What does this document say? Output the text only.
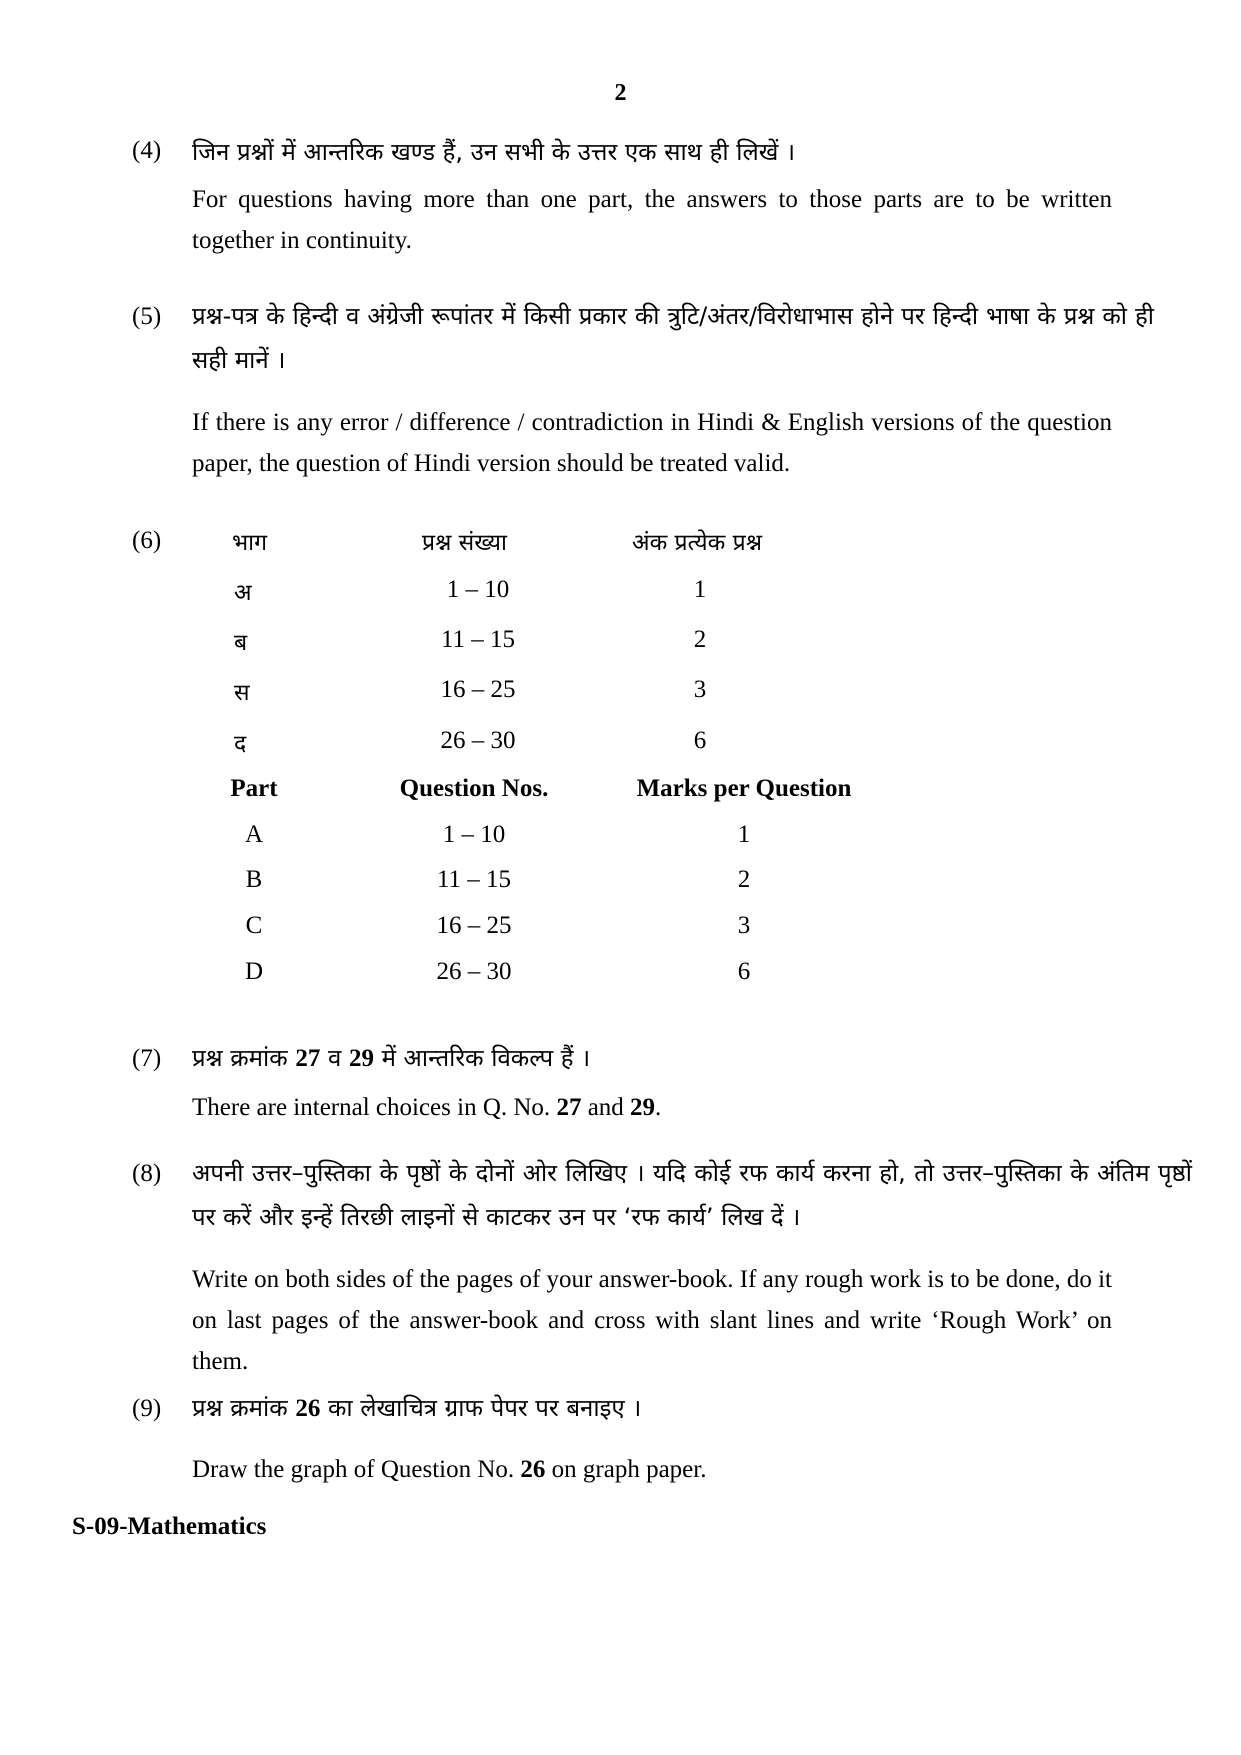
2
(4) जिन प्रश्नों में आन्तरिक खण्ड हैं, उन सभी के उत्तर एक साथ ही लिखें ।

For questions having more than one part, the answers to those parts are to be written together in continuity.

(5) प्रश्न-पत्र के हिन्दी व अंग्रेजी रूपांतर में किसी प्रकार की त्रुटि/अंतर/विरोधाभास होने पर हिन्दी भाषा के प्रश्न को ही सही मानें ।

If there is any error / difference / contradiction in Hindi & English versions of the question paper, the question of Hindi version should be treated valid.

(6)	भाग	प्रश्न संख्या	अंक प्रत्येक प्रश्न
अ	1 – 10	1
ब	11 – 15	2
स	16 – 25	3
द	26 – 30	6
Part	Question Nos.	Marks per Question
A	1 – 10	1
B	11 – 15	2
C	16 – 25	3
D	26 – 30	6
(7) प्रश्न क्रमांक 27 व 29 में आन्तरिक विकल्प हैं ।

There are internal choices in Q. No. 27 and 29.

(8) अपनी उत्तर–पुस्तिका के पृष्ठों के दोनों ओर लिखिए । यदि कोई रफ कार्य करना हो, तो उत्तर–पुस्तिका के अंतिम पृष्ठों पर करें और इन्हें तिरछी लाइनों से काटकर उन पर ‘रफ कार्य’ लिख दें ।

Write on both sides of the pages of your answer-book. If any rough work is to be done, do it on last pages of the answer-book and cross with slant lines and write ‘Rough Work’ on them.

(9) प्रश्न क्रमांक 26 का लेखाचित्र ग्राफ पेपर पर बनाइए ।

Draw the graph of Question No. 26 on graph paper.

S-09-Mathematics
